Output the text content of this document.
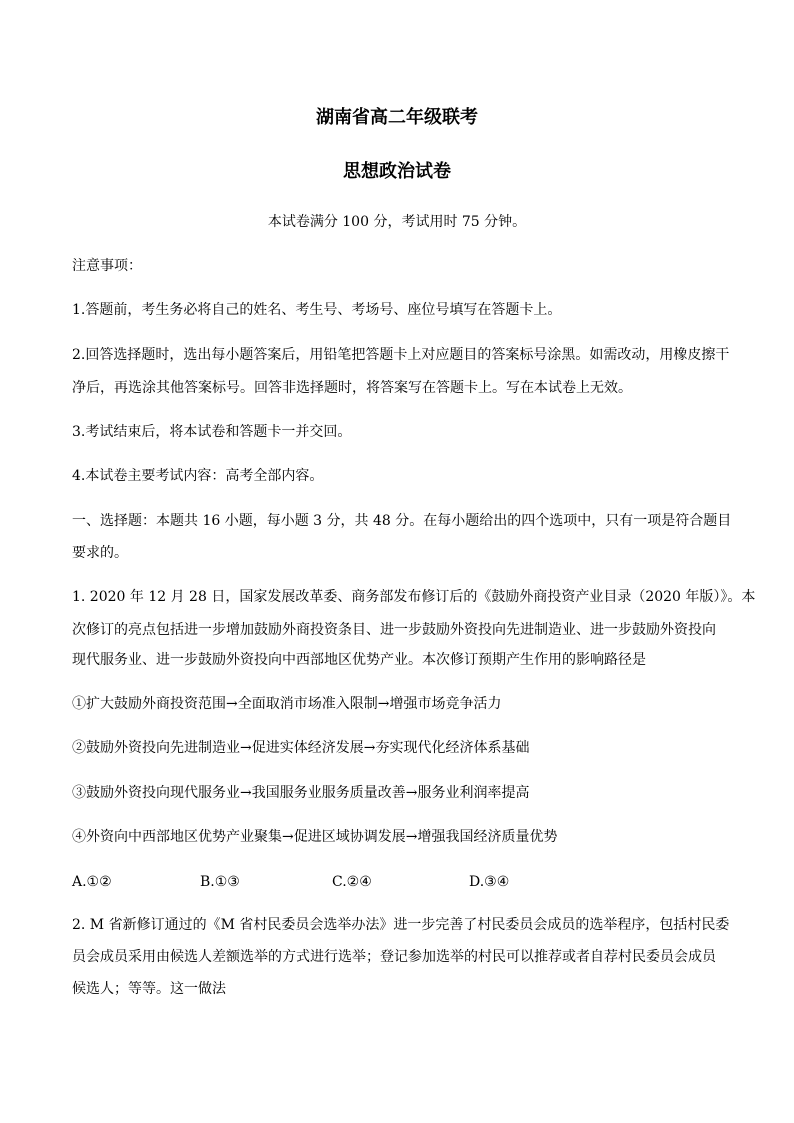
湖南省高二年级联考
思想政治试卷
本试卷满分 100 分，考试用时 75 分钟。
注意事项：
1.答题前，考生务必将自己的姓名、考生号、考场号、座位号填写在答题卡上。
2.回答选择题时，选出每小题答案后，用铅笔把答题卡上对应题目的答案标号涂黑。如需改动，用橡皮擦干
净后，再选涂其他答案标号。回答非选择题时，将答案写在答题卡上。写在本试卷上无效。
3.考试结束后，将本试卷和答题卡一并交回。
4.本试卷主要考试内容：高考全部内容。
一、选择题：本题共 16 小题，每小题 3 分，共 48 分。在每小题给出的四个选项中，只有一项是符合题目
要求的。
1. 2020 年 12 月 28 日，国家发展改革委、商务部发布修订后的《鼓励外商投资产业目录（2020 年版）》。本
次修订的亮点包括进一步增加鼓励外商投资条目、进一步鼓励外资投向先进制造业、进一步鼓励外资投向
现代服务业、进一步鼓励外资投向中西部地区优势产业。本次修订预期产生作用的影响路径是
①扩大鼓励外商投资范围→全面取消市场准入限制→增强市场竞争活力
②鼓励外资投向先进制造业→促进实体经济发展→夯实现代化经济体系基础
③鼓励外资投向现代服务业→我国服务业服务质量改善→服务业利润率提高
④外资向中西部地区优势产业聚集→促进区域协调发展→增强我国经济质量优势
A.①②	B.①③	C.②④	D.③④
2. M 省新修订通过的《M 省村民委员会选举办法》进一步完善了村民委员会成员的选举程序，包括村民委
员会成员采用由候选人差额选举的方式进行选举；登记参加选举的村民可以推荐或者自荐村民委员会成员
候选人；等等。这一做法
